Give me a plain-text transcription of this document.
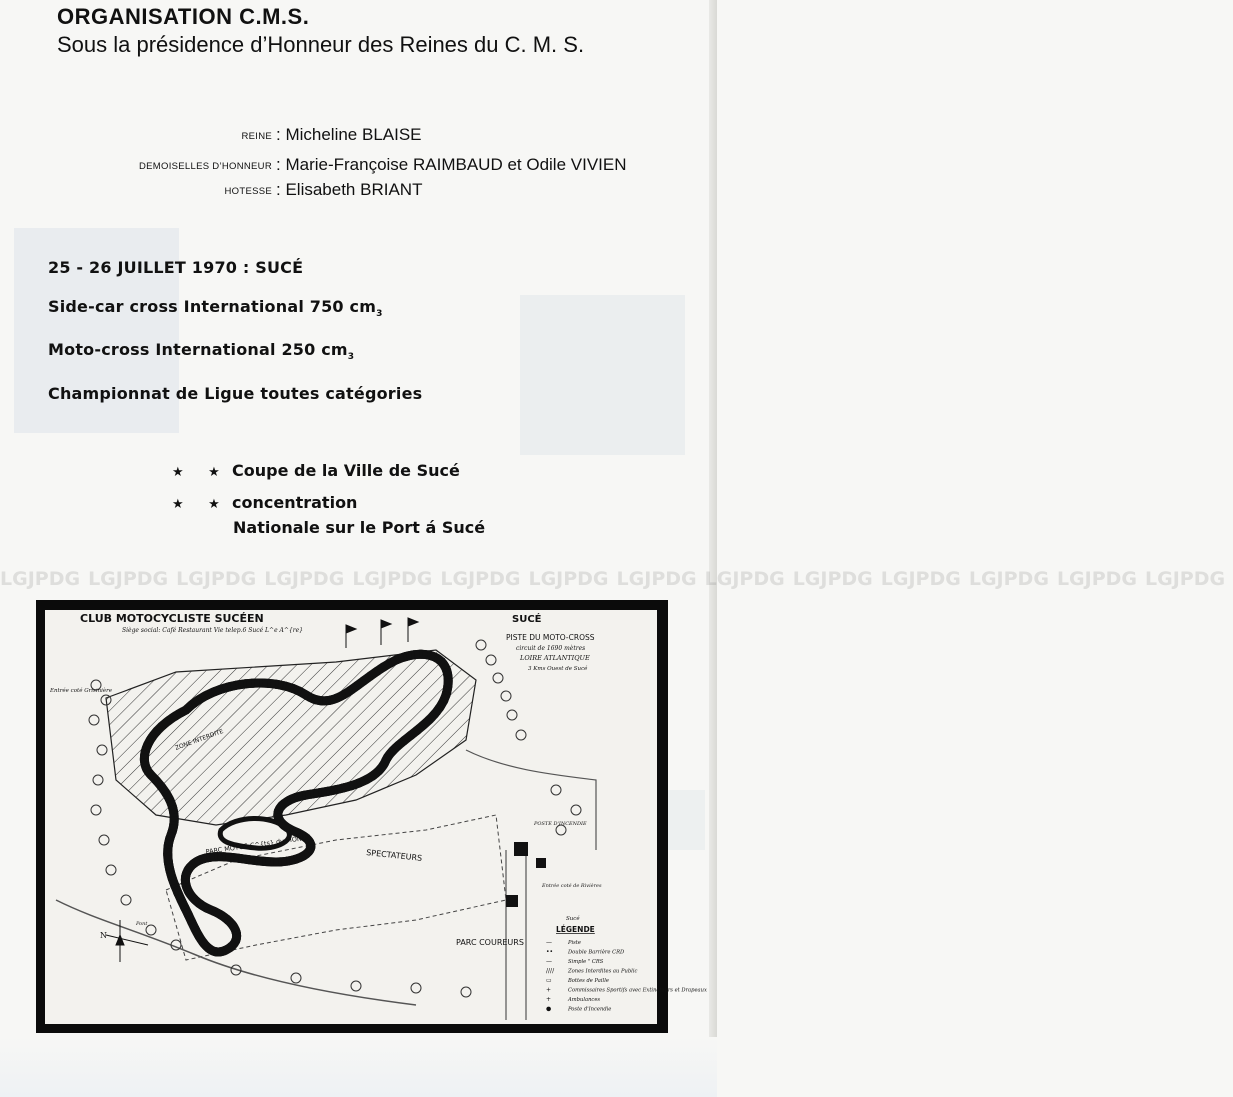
ORGANISATION C.M.S.
Sous la présidence d’Honneur des Reines du C. M. S.
REINE : Micheline BLAISE
DEMOISELLES D’HONNEUR : Marie-Françoise RAIMBAUD et Odile VIVIEN
HOTESSE : Elisabeth BRIANT
25 - 26 JUILLET 1970 : SUCÉ
Side-car cross International 750 $cm_3$
Moto-cross International 250 $cm_3$
Championnat de Ligue toutes catégories
★ ★ Coupe de la Ville de Sucé
★ ★ concentration
Nationale sur le Port á Sucé
LGJPDG LGJPDG LGJPDG LGJPDG LGJPDG LGJPDG LGJPDG LGJPDG LGJPDG LGJPDG LGJPDG LGJPDG LGJPDG LGJPDG
CLUB MOTOCYCLISTE SUCÉEN
Siège social: Café Restaurant Vie telep.6 Sucé L^e A^{re}
SUCÉ
PISTE DU MOTO-CROSS
circuit de 1690 mètres
LOIRE ATLANTIQUE
3 Kms Ouest de Sucé
Entrée coté Grisinière
PARC MOTOS C^{ts} du MONDE	SPECTATEURS
PARC COUREURS
Entrée coté de Rivières
ZONE INTERDITE
POSTE D'INCENDIE
Pont
Sucé
N
LÉGENDE
—	Piste
••	Double Barrière CRD
—	Simple " CRS
////	Zones Interdites au Public
▭	Bottes de Paille
+	Commissaires Sportifs avec Extincteurs et Drapeaux
+	Ambulances
●	Poste d'Incendie
